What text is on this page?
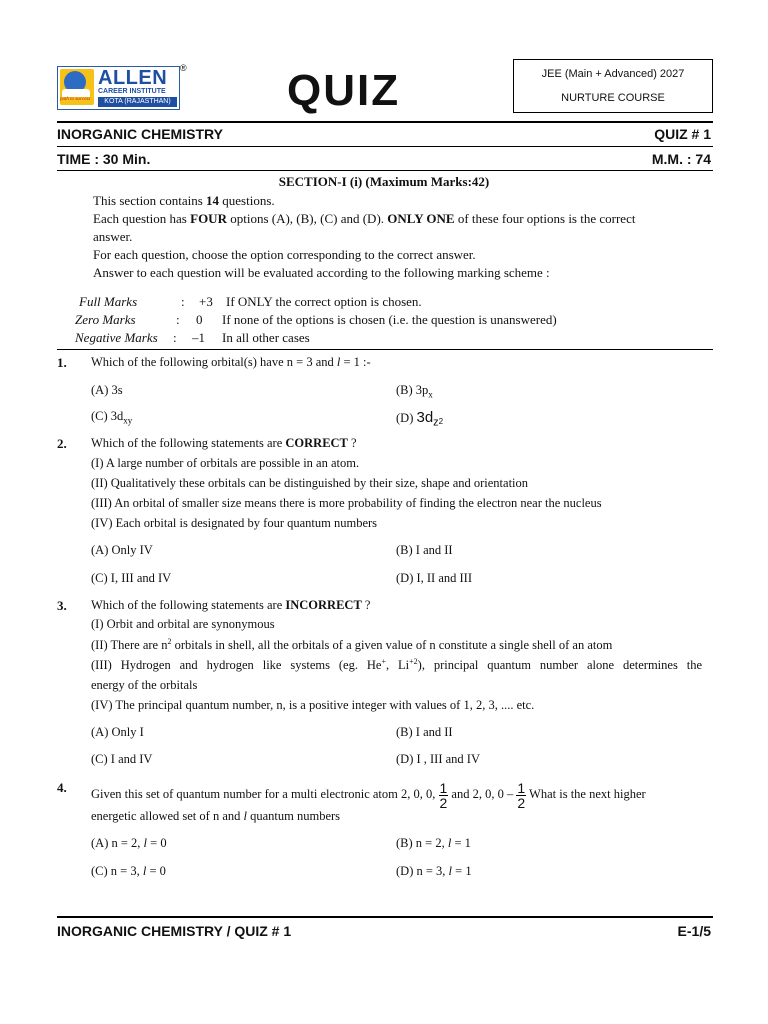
path to success
ALLEN
CAREER INSTITUTE
KOTA (RAJASTHAN)
® QUIZ	JEE (Main + Advanced) 2027
NURTURE COURSE
INORGANIC CHEMISTRY	QUIZ # 1
TIME : 30 Min.	M.M. : 74
SECTION-I (i) (Maximum Marks:42)
This section contains 14 questions.
Each question has FOUR options (A), (B), (C) and (D). ONLY ONE of these four options is the correct
answer.
For each question, choose the option corresponding to the correct answer.
Answer to each question will be evaluated according to the following marking scheme :
Full Marks	: +3 If ONLY the correct option is chosen.
Zero Marks	: 0 If none of the options is chosen (i.e. the question is unanswered)
Negative Marks : –1 In all other cases
1. Which of the following orbital(s) have n = 3 and l = 1 :-
(A) 3s	(B) $3p_x$
(C) $3d_{xy}$	(D) $3d_z2$
2. Which of the following statements are CORRECT ?
(I) A large number of orbitals are possible in an atom.
(II) Qualitatively these orbitals can be distinguished by their size, shape and orientation
(III) An orbital of smaller size means there is more probability of finding the electron near the nucleus
(IV) Each orbital is designated by four quantum numbers
(A) Only IV	(B) I and II
(C) I, III and IV	(D) I, II and III
3. Which of the following statements are INCORRECT ?
(I) Orbit and orbital are synonymous
(II) There are $n^2$ orbitals in shell, all the orbitals of a given value of n constitute a single shell of an atom
(III) Hydrogen and hydrogen like systems (eg. He+, $Li^{+2}$), principal quantum number alone determines the
energy of the orbitals
(IV) The principal quantum number, n, is a positive integer with values of 1, 2, 3, .... etc.
(A) Only I	(B) I and II
(C) I and IV	(D) I , III and IV
4. Given this set of quantum number for a multi electronic atom 2, 0, 0, $\frac{1}{2}$ and 2, 0, $0 - \frac{1}{2}$ What is the next higher
energetic allowed set of n and l quantum numbers
(A) n = 2, l = 0	(B) n = 2, l = 1
(C) n = 3, l = 0	(D) n = 3, l = 1
INORGANIC CHEMISTRY / QUIZ # 1	E-1/5
